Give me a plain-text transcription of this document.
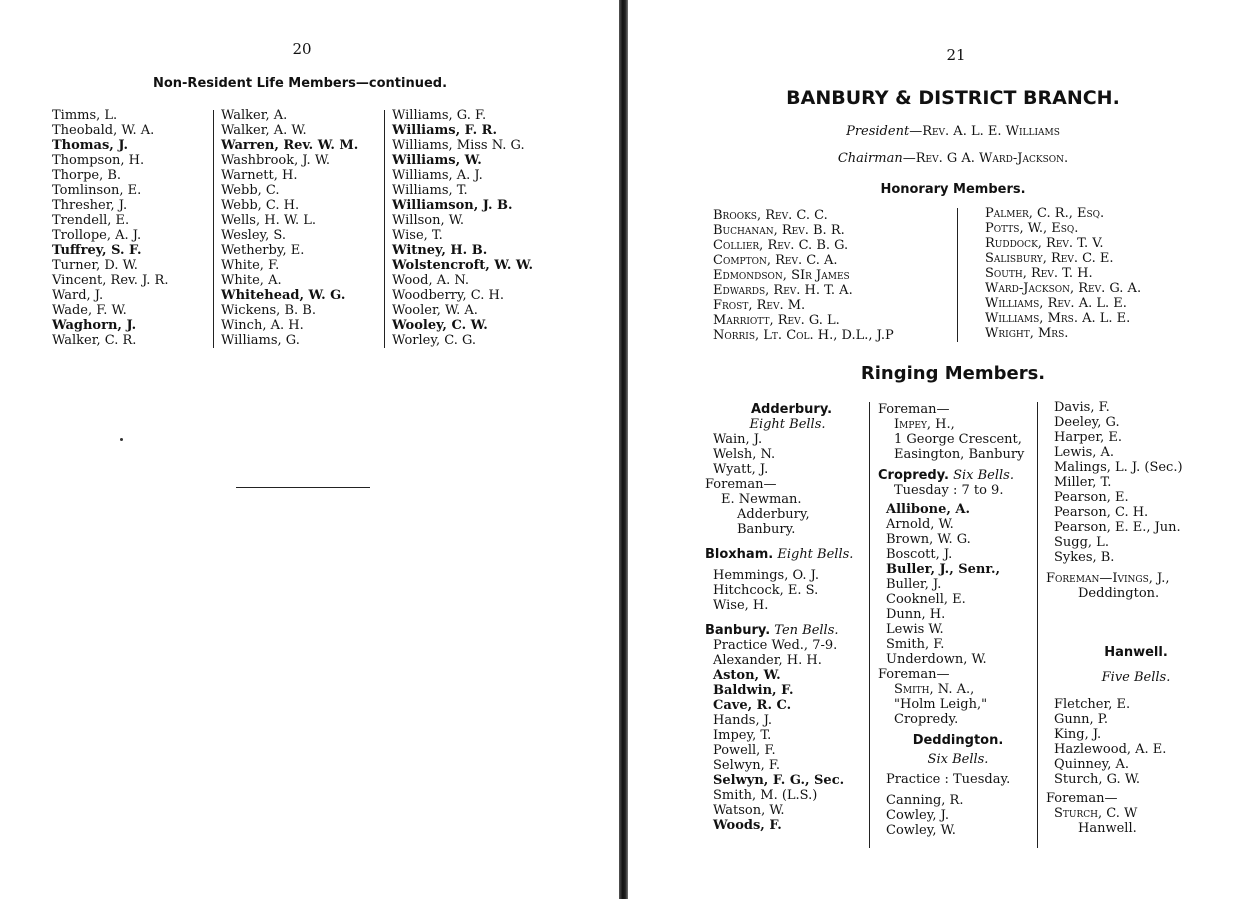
20
Non-Resident Life Members—continued.
Timms, L.
Theobald, W. A.
Thomas, J.
Thompson, H.
Thorpe, B.
Tomlinson, E.
Thresher, J.
Trendell, E.
Trollope, A. J.
Tuffrey, S. F.
Turner, D. W.
Vincent, Rev. J. R.
Ward, J.
Wade, F. W.
Waghorn, J.
Walker, C. R.
Walker, A.
Walker, A. W.
Warren, Rev. W. M.
Washbrook, J. W.
Warnett, H.
Webb, C.
Webb, C. H.
Wells, H. W. L.
Wesley, S.
Wetherby, E.
White, F.
White, A.
Whitehead, W. G.
Wickens, B. B.
Winch, A. H.
Williams, G.
Williams, G. F.
Williams, F. R.
Williams, Miss N. G.
Williams, W.
Williams, A. J.
Williams, T.
Williamson, J. B.
Willson, W.
Wise, T.
Witney, H. B.
Wolstencroft, W. W.
Wood, A. N.
Woodberry, C. H.
Wooler, W. A.
Wooley, C. W.
Worley, C. G.
21
BANBURY & DISTRICT BRANCH.
President—Rev. A. L. E. Williams
Chairman—Rev. G A. Ward-Jackson.
Honorary Members.
Brooks, Rev. C. C.
Buchanan, Rev. B. R.
Collier, Rev. C. B. G.
Compton, Rev. C. A.
Edmondson, SIr James
Edwards, Rev. H. T. A.
Frost, Rev. M.
Marriott, Rev. G. L.
Norris, Lt. Col. H., D.L., J.P
Palmer, C. R., Esq.
Potts, W., Esq.
Ruddock, Rev. T. V.
Salisbury, Rev. C. E.
South, Rev. T. H.
Ward-Jackson, Rev. G. A.
Williams, Rev. A. L. E.
Williams, Mrs. A. L. E.
Wright, Mrs.
Ringing Members.
Adderbury.
Eight Bells.
Wain, J.
Welsh, N.
Wyatt, J.
Foreman—
E. Newman.
Adderbury,
Banbury.
Bloxham. Eight Bells.
Hemmings, O. J.
Hitchcock, E. S.
Wise, H.
Banbury. Ten Bells.
Practice Wed., 7-9.
Alexander, H. H.
Aston, W.
Baldwin, F.
Cave, R. C.
Hands, J.
Impey, T.
Powell, F.
Selwyn, F.
Selwyn, F. G., Sec.
Smith, M. (L.S.)
Watson, W.
Woods, F.
Foreman—
Impey, H.,
1 George Crescent,
Easington, Banbury
Cropredy. Six Bells.
Tuesday : 7 to 9.
Allibone, A.
Arnold, W.
Brown, W. G.
Boscott, J.
Buller, J., Senr.,
Buller, J.
Cooknell, E.
Dunn, H.
Lewis W.
Smith, F.
Underdown, W.
Foreman—
Smith, N. A.,
"Holm Leigh,"
Cropredy.
Deddington.
Six Bells.
Practice : Tuesday.
Canning, R.
Cowley, J.
Cowley, W.
Davis, F.
Deeley, G.
Harper, E.
Lewis, A.
Malings, L. J. (Sec.)
Miller, T.
Pearson, E.
Pearson, C. H.
Pearson, E. E., Jun.
Sugg, L.
Sykes, B.
Foreman—Ivings, J.,
Deddington.
Hanwell.
Five Bells.
Fletcher, E.
Gunn, P.
King, J.
Hazlewood, A. E.
Quinney, A.
Sturch, G. W.
Foreman—
Sturch, C. W
Hanwell.
